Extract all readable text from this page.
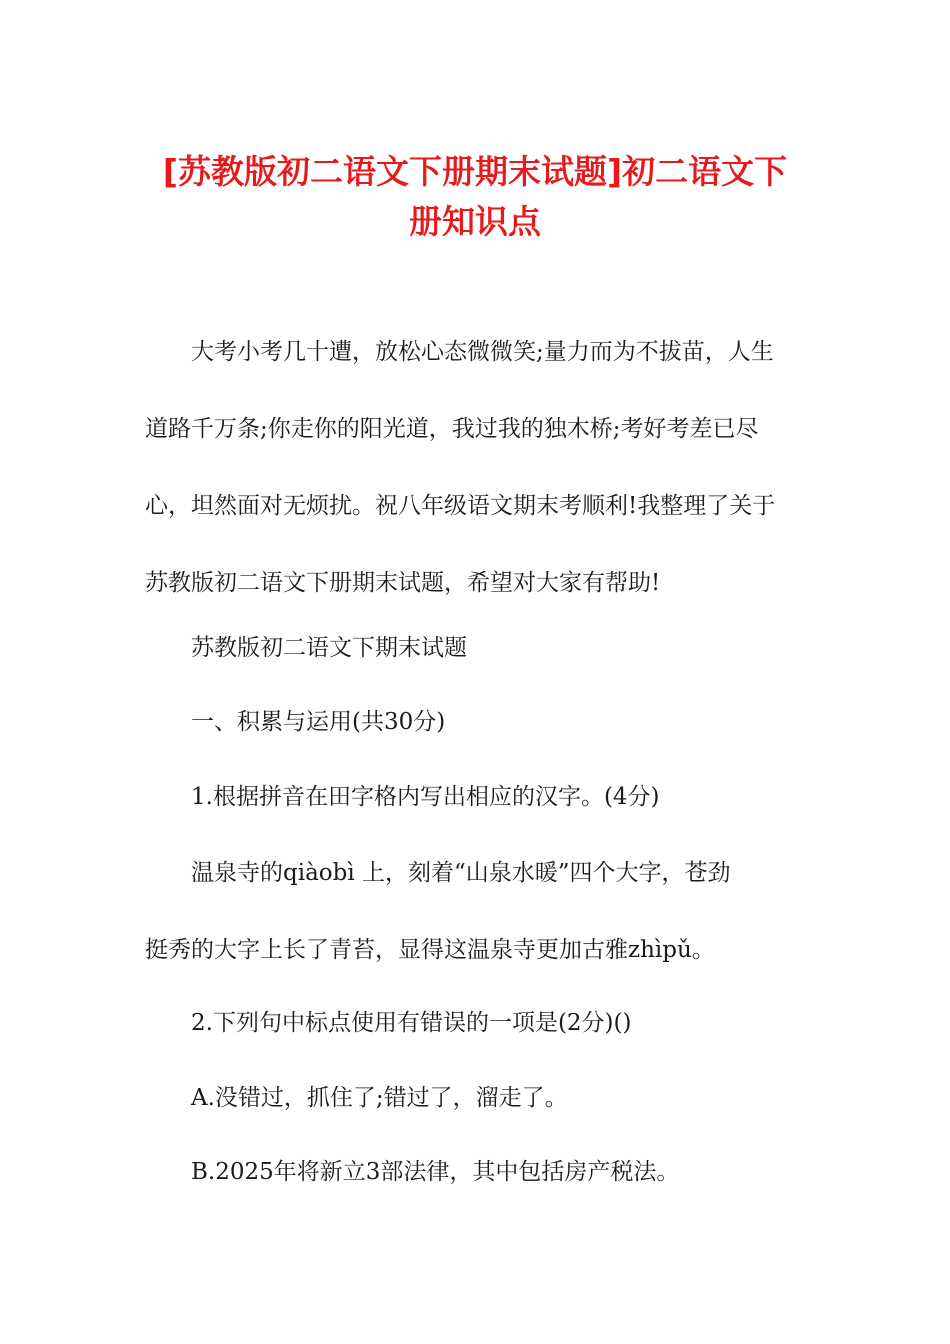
[苏教版初二语文下册期末试题]初二语文下
册知识点
大考小考几十遭，放松心态微微笑;量力而为不拔苗，人生
道路千万条;你走你的阳光道，我过我的独木桥;考好考差已尽
心，坦然面对无烦扰。祝八年级语文期末考顺利!我整理了关于
苏教版初二语文下册期末试题，希望对大家有帮助!
苏教版初二语文下期末试题
一、积累与运用(共30分)
1.根据拼音在田字格内写出相应的汉字。(4分)
温泉寺的qiàobì 上，刻着“山泉水暖”四个大字，苍劲
挺秀的大字上长了青苔，显得这温泉寺更加古雅zhìpǔ。
2.下列句中标点使用有错误的一项是(2分)()
A.没错过，抓住了;错过了，溜走了。
B.2025年将新立3部法律，其中包括房产税法。
